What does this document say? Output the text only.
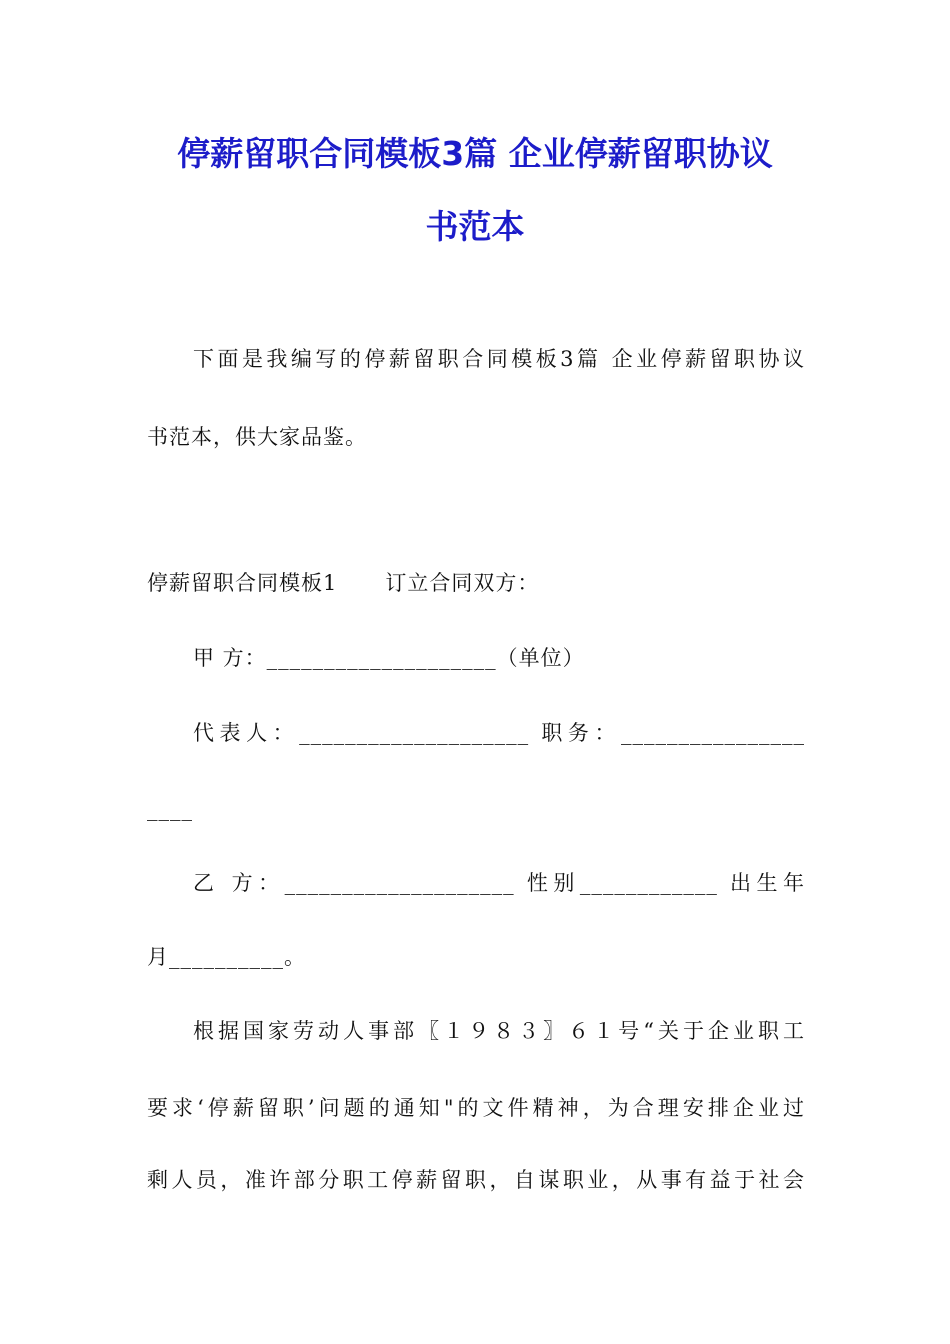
停薪留职合同模板3篇 企业停薪留职协议
书范本
下面是我编写的停薪留职合同模板3篇 企业停薪留职协议
书范本，供大家品鉴。
停薪留职合同模板1 订立合同双方：
甲 方：____________________（单位）
代表人：____________________ 职务：________________
____
乙 方：____________________ 性别____________ 出生年
月__________。
根据国家劳动人事部〖１９８３〗６１号“关于企业职工
要求‘停薪留职’问题的通知"的文件精神，为合理安排企业过
剩人员，准许部分职工停薪留职，自谋职业，从事有益于社会
